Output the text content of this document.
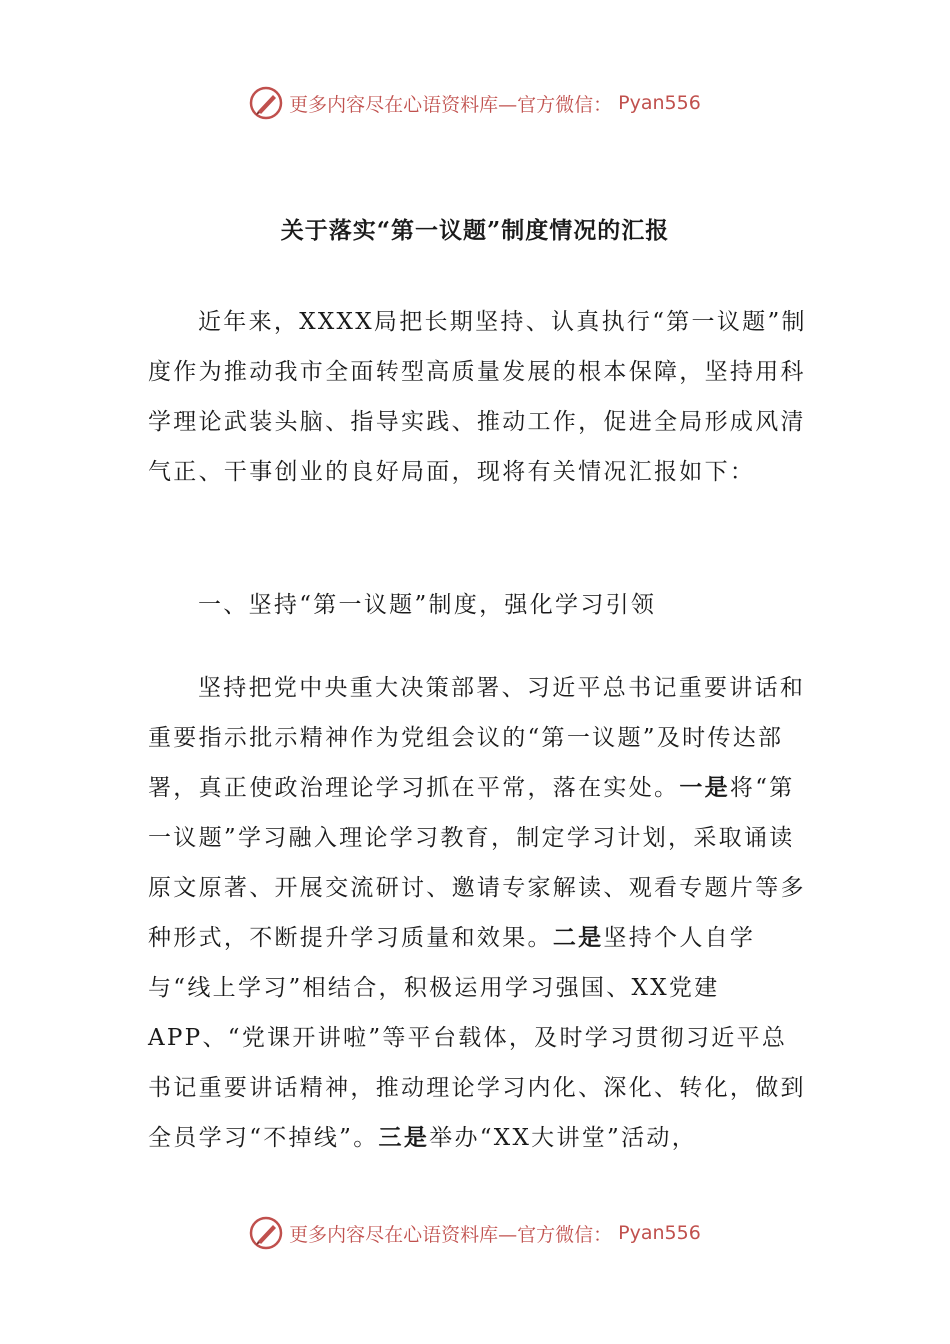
更多内容尽在心语资料库—官方微信： Pyan556
关于落实“第一议题”制度情况的汇报

近年来，XXXX局把长期坚持、认真执行“第一议题”制度作为推动我市全面转型高质量发展的根本保障，坚持用科学理论武装头脑、指导实践、推动工作，促进全局形成风清气正、干事创业的良好局面，现将有关情况汇报如下：

一、坚持“第一议题”制度，强化学习引领

坚持把党中央重大决策部署、习近平总书记重要讲话和重要指示批示精神作为党组会议的“第一议题”及时传达部署，真正使政治理论学习抓在平常，落在实处。一是将“第一议题”学习融入理论学习教育，制定学习计划，采取诵读原文原著、开展交流研讨、邀请专家解读、观看专题片等多种形式，不断提升学习质量和效果。二是坚持个人自学与“线上学习”相结合，积极运用学习强国、XX党建APP、“党课开讲啦”等平台载体，及时学习贯彻习近平总书记重要讲话精神，推动理论学习内化、深化、转化，做到全员学习“不掉线”。三是举办“XX大讲堂”活动，

更多内容尽在心语资料库—官方微信： Pyan556
